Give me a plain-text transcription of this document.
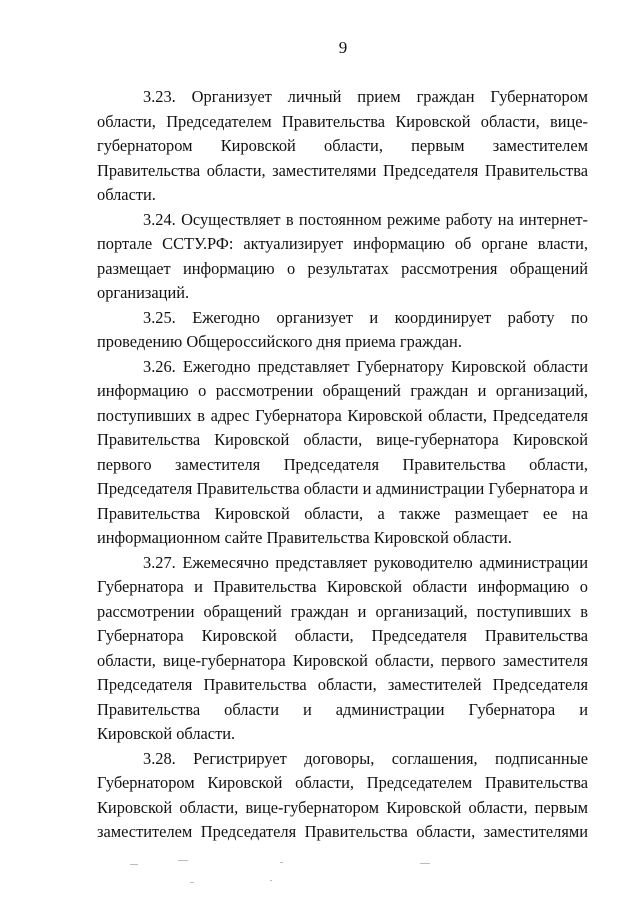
9
3.23. Организует личный прием граждан Губернатором
области, Председателем Правительства Кировской области, вице-
губернатором Кировской области, первым заместителем
Правительства области, заместителями Председателя Правительства
области.
3.24. Осуществляет в постоянном режиме работу на интернет-
портале ССТУ.РФ: актуализирует информацию об органе власти,
размещает информацию о результатах рассмотрения обращений
организаций.
3.25. Ежегодно организует и координирует работу по
проведению Общероссийского дня приема граждан.
3.26. Ежегодно представляет Губернатору Кировской области
информацию о рассмотрении обращений граждан и организаций,
поступивших в адрес Губернатора Кировской области, Председателя
Правительства Кировской области, вице-губернатора Кировской
первого заместителя Председателя Правительства области,
Председателя Правительства области и администрации Губернатора и
Правительства Кировской области, а также размещает ее на
информационном сайте Правительства Кировской области.
3.27. Ежемесячно представляет руководителю администрации
Губернатора и Правительства Кировской области информацию о
рассмотрении обращений граждан и организаций, поступивших в
Губернатора Кировской области, Председателя Правительства
области, вице-губернатора Кировской области, первого заместителя
Председателя Правительства области, заместителей Председателя
Правительства области и администрации Губернатора и
Кировской области.
3.28. Регистрирует договоры, соглашения, подписанные
Губернатором Кировской области, Председателем Правительства
Кировской области, вице-губернатором Кировской области, первым
заместителем Председателя Правительства области, заместителями
